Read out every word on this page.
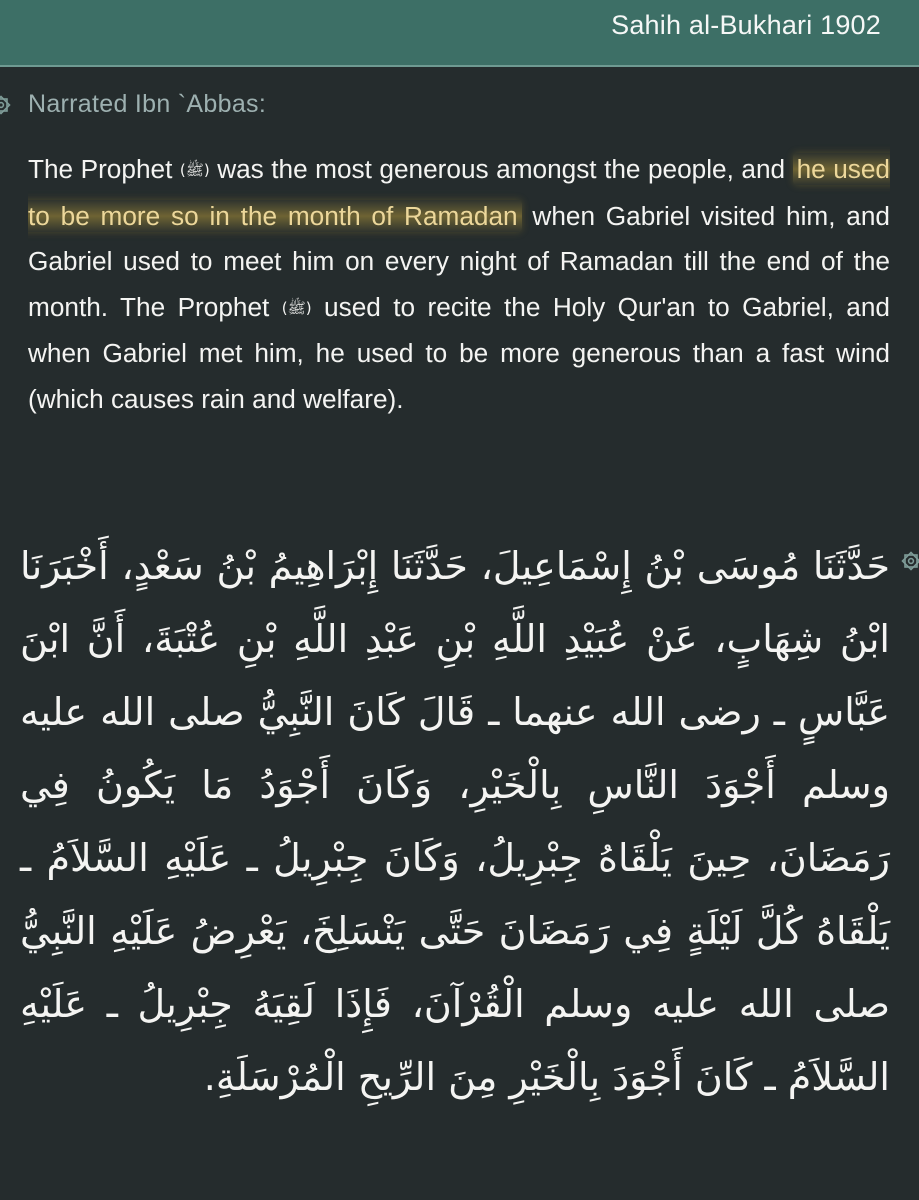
Sahih al-Bukhari 1902
Narrated Ibn `Abbas:
The Prophet (ﷺ) was the most generous amongst the people, and he used to be more so in the month of Ramadan when Gabriel visited him, and Gabriel used to meet him on every night of Ramadan till the end of the month. The Prophet (ﷺ) used to recite the Holy Qur'an to Gabriel, and when Gabriel met him, he used to be more generous than a fast wind (which causes rain and welfare).
حَدَّثَنَا مُوسَى بْنُ إِسْمَاعِيلَ، حَدَّثَنَا إِبْرَاهِيمُ بْنُ سَعْدٍ، أَخْبَرَنَا ابْنُ شِهَابٍ، عَنْ عُبَيْدِ اللَّهِ بْنِ عَبْدِ اللَّهِ بْنِ عُتْبَةَ، أَنَّ ابْنَ عَبَّاسٍ ـ رضى الله عنهما ـ قَالَ كَانَ النَّبِيُّ صلى الله عليه وسلم أَجْوَدَ النَّاسِ بِالْخَيْرِ، وَكَانَ أَجْوَدُ مَا يَكُونُ فِي رَمَضَانَ، حِينَ يَلْقَاهُ جِبْرِيلُ، وَكَانَ جِبْرِيلُ ـ عَلَيْهِ السَّلاَمُ ـ يَلْقَاهُ كُلَّ لَيْلَةٍ فِي رَمَضَانَ حَتَّى يَنْسَلِخَ، يَعْرِضُ عَلَيْهِ النَّبِيُّ صلى الله عليه وسلم الْقُرْآنَ، فَإِذَا لَقِيَهُ جِبْرِيلُ ـ عَلَيْهِ السَّلاَمُ ـ كَانَ أَجْوَدَ بِالْخَيْرِ مِنَ الرِّيحِ الْمُرْسَلَةِ.
